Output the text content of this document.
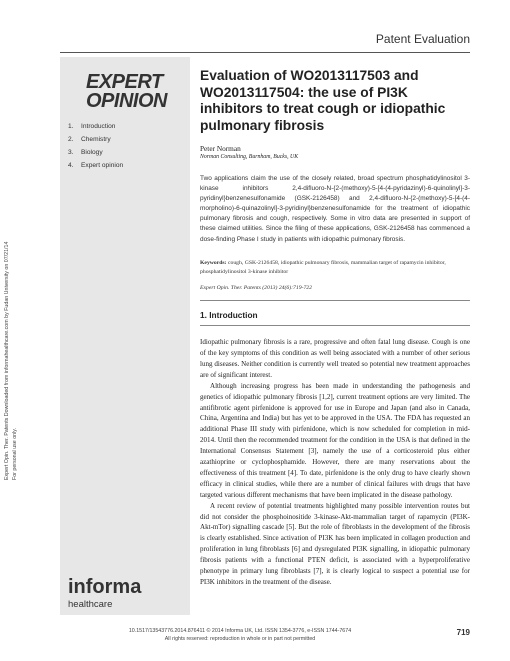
Patent Evaluation
Expert Opin. Ther. Patents Downloaded from informahealthcare.com by Fudan University on 07/21/14 For personal use only.
EXPERT
OPINION
1.	Introduction
2.	Chemistry
3.	Biology
4.	Expert opinion
informa
healthcare
Evaluation of WO2013117503 and WO2013117504: the use of PI3K inhibitors to treat cough or idiopathic pulmonary fibrosis
Peter Norman
Norman Consulting, Burnham, Bucks, UK
Two applications claim the use of the closely related, broad spectrum phosphatidylinositol 3-kinase inhibitors 2,4-difluoro-N-{2-(methoxy)-5-[4-(4-pyridazinyl)-6-quinolinyl]-3-pyridinyl}benzenesulfonamide (GSK-2126458) and 2,4-difluoro-N-{2-(methoxy)-5-[4-(4-morpholino)-6-quinazolinyl]-3-pyridinyl}benzenesulfonamide for the treatment of idiopathic pulmonary fibrosis and cough, respectively. Some in vitro data are presented in support of these claimed utilities. Since the filing of these applications, GSK-2126458 has commenced a dose-finding Phase I study in patients with idiopathic pulmonary fibrosis.
Keywords: cough, GSK-2126458, idiopathic pulmonary fibrosis, mammalian target of rapamycin inhibitor, phosphatidylinositol 3-kinase inhibitor
Expert Opin. Ther. Patents (2013) 24(6):719-722
1. Introduction

Idiopathic pulmonary fibrosis is a rare, progressive and often fatal lung disease. Cough is one of the key symptoms of this condition as well being associated with a number of other serious lung diseases. Neither condition is currently well treated so potential new treatment approaches are of significant interest.

Although increasing progress has been made in understanding the pathogenesis and genetics of idiopathic pulmonary fibrosis [1,2], current treatment options are very limited. The antifibrotic agent pirfenidone is approved for use in Europe and Japan (and also in Canada, China, Argentina and India) but has yet to be approved in the USA. The FDA has requested an additional Phase III study with pirfenidone, which is now scheduled for completion in mid-2014. Until then the recommended treatment for the condition in the USA is that defined in the International Consensus Statement [3], namely the use of a corticosteroid plus either azathioprine or cyclophosphamide. However, there are many reservations about the effectiveness of this treatment [4]. To date, pirfenidone is the only drug to have clearly shown efficacy in clinical studies, while there are a number of clinical failures with drugs that have targeted various different mechanisms that have been implicated in the disease pathology.

A recent review of potential treatments highlighted many possible intervention routes but did not consider the phosphoinositide 3-kinase-Akt-mammalian target of rapamycin (PI3K-Akt-mTor) signalling cascade [5]. But the role of fibroblasts in the development of the fibrosis is clearly established. Since activation of PI3K has been implicated in collagen production and proliferation in lung fibroblasts [6] and dysregulated PI3K signalling, in idiopathic pulmonary fibrosis patients with a functional PTEN deficit, is associated with a hyperproliferative phenotype in primary lung fibroblasts [7], it is clearly logical to suspect a potential use for PI3K inhibitors in the treatment of the disease.

10.1517/13543776.2014.876411 © 2014 Informa UK, Ltd. ISSN 1354-3776, e-ISSN 1744-7674
All rights reserved: reproduction in whole or in part not permitted
719
